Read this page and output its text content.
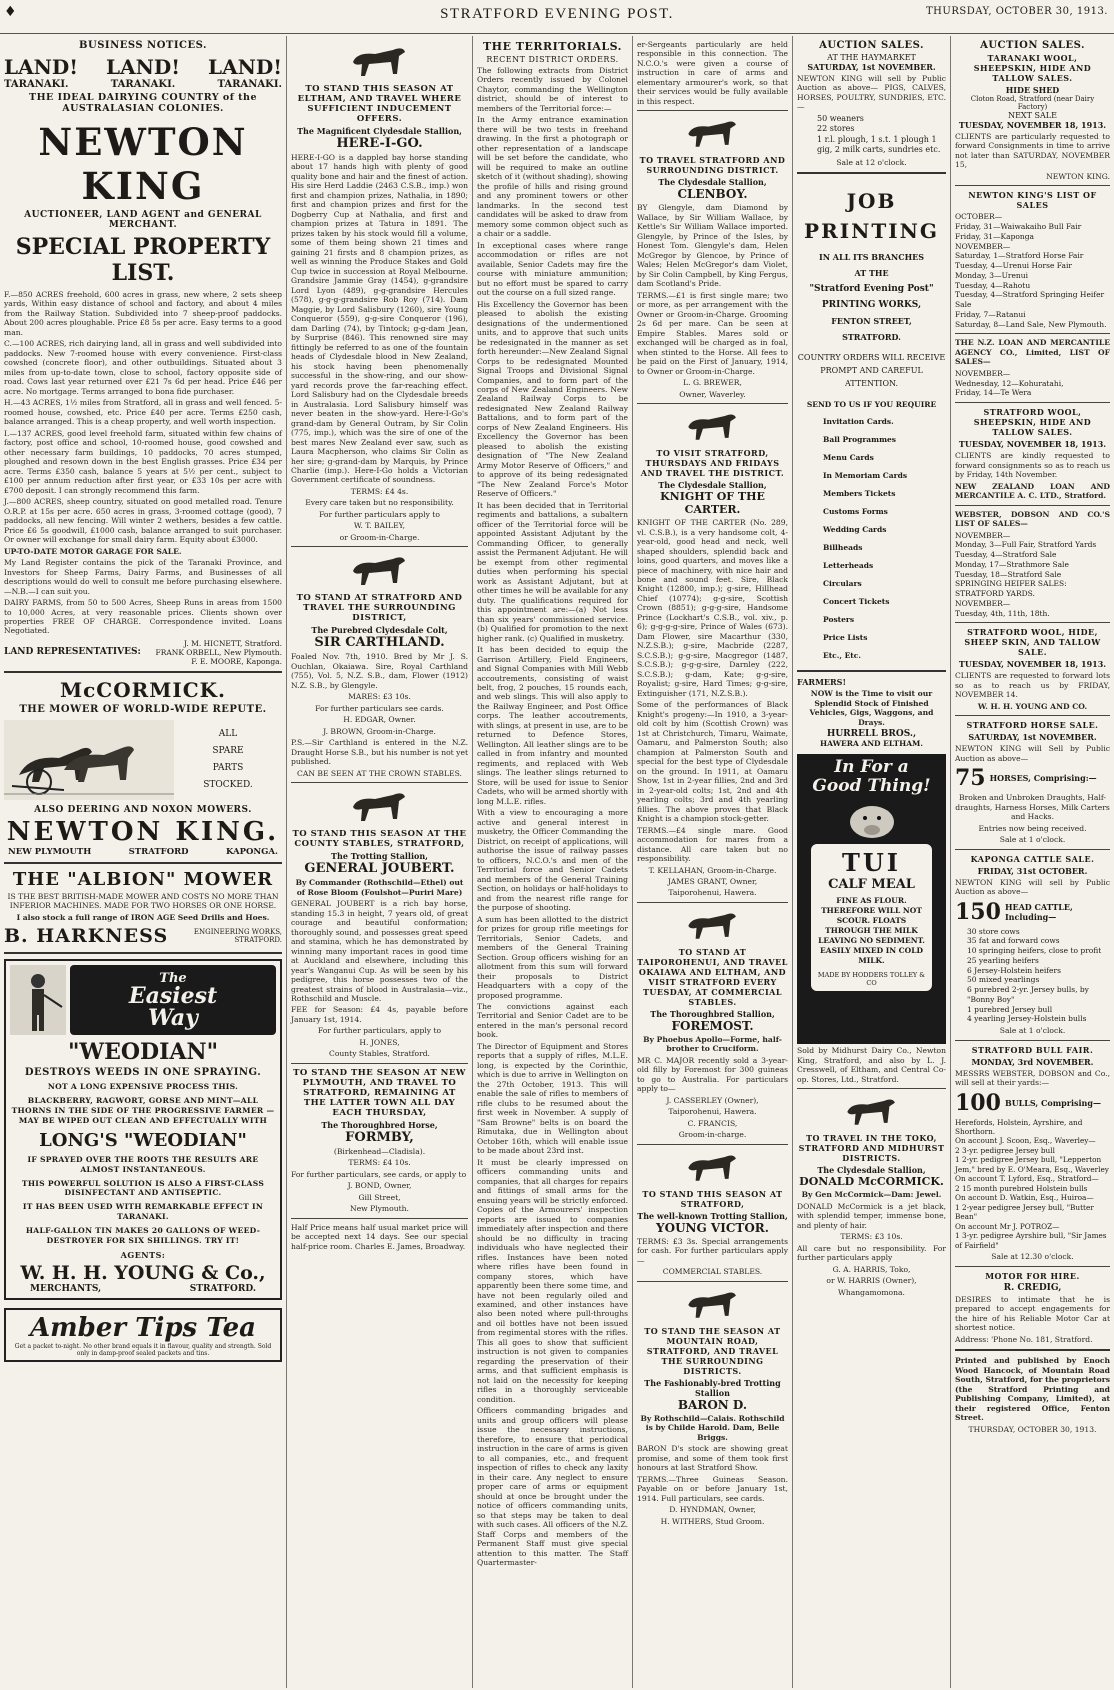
♦	STRATFORD EVENING POST.	THURSDAY, OCTOBER 30, 1913.
BUSINESS NOTICES.
LAND! LAND! LAND!
TARANAKI.	TARANAKI.	TARANAKI.
THE IDEAL DAIRYING COUNTRY of the AUSTRALASIAN COLONIES.
NEWTON KING
AUCTIONEER, LAND AGENT and GENERAL MERCHANT.
SPECIAL PROPERTY LIST.

F.—850 ACRES freehold, 600 acres in grass, new where, 2 sets sheep yards, Within easy distance of school and factory, and about 4 miles from the Railway Station. Subdivided into 7 sheep-proof paddocks. About 200 acres ploughable. Price £8 5s per acre. Easy terms to a good man.

C.—100 ACRES, rich dairying land, all in grass and well subdivided into paddocks. New 7-roomed house with every convenience. First-class cowshed (concrete floor), and other outbuildings. Situated about 3 miles from up-to-date town, close to school, factory opposite side of road. Cows last year returned over £21 7s 6d per head. Price £46 per acre. No mortgage. Terms arranged to bona fide purchaser.

H.—43 ACRES, 1½ miles from Stratford, all in grass and well fenced. 5-roomed house, cowshed, etc. Price £40 per acre. Terms £250 cash, balance arranged. This is a cheap property, and well worth inspection.

I.—137 ACRES, good level freehold farm, situated within few chains of factory, post office and school, 10-roomed house, good cowshed and other necessary farm buildings, 10 paddocks, 70 acres stumped, ploughed and resown down in the best English grasses. Price £34 per acre. Terms £350 cash, balance 5 years at 5½ per cent., subject to £100 per annum reduction after first year, or £33 10s per acre with £700 deposit. I can strongly recommend this farm.

J.—800 ACRES, sheep country, situated on good metalled road. Tenure O.R.P. at 15s per acre. 650 acres in grass, 3-roomed cottage (good), 7 paddocks, all new fencing. Will winter 2 wethers, besides a few cattle. Price £6 5s goodwill, £1000 cash, balance arranged to suit purchaser. Or owner will exchange for small dairy farm. Equity about £3000.

UP-TO-DATE MOTOR GARAGE FOR SALE.

My Land Register contains the pick of the Taranaki Province, and Investors for Sheep Farms, Dairy Farms, and Businesses of all descriptions would do well to consult me before purchasing elsewhere.—N.B.—I can suit you.

DAIRY FARMS, from 50 to 500 Acres, Sheep Runs in areas from 1500 to 10,000 Acres, at very reasonable prices. Clients shown over properties FREE OF CHARGE. Correspondence invited. Loans Negotiated.

LAND REPRESENTATIVES:
J. M. HICNETT, Stratford.
FRANK ORBELL, New Plymouth.
F. E. MOORE, Kaponga.
McCORMICK.
THE MOWER OF WORLD-WIDE REPUTE.
ALL
SPARE
PARTS
STOCKED.
ALSO DEERING AND NOXON MOWERS.
NEWTON KING.
NEW PLYMOUTH	STRATFORD	KAPONGA.
THE "ALBION" MOWER

IS THE BEST BRITISH-MADE MOWER AND COSTS NO MORE THAN INFERIOR MACHINES. MADE FOR TWO HORSES OR ONE HORSE.

I also stock a full range of IRON AGE Seed Drills and Hoes.

B. HARKNESS	ENGINEERING WORKS, STRATFORD.
The
Easiest
Way
"WEODIAN"
DESTROYS WEEDS IN ONE SPRAYING.
NOT A LONG EXPENSIVE PROCESS THIS.
BLACKBERRY, RAGWORT, GORSE AND MINT—ALL THORNS IN THE SIDE OF THE PROGRESSIVE FARMER —MAY BE WIPED OUT CLEAN AND EFFECTUALLY WITH
LONG'S "WEODIAN"
IF SPRAYED OVER THE ROOTS THE RESULTS ARE ALMOST INSTANTANEOUS.
THIS POWERFUL SOLUTION IS ALSO A FIRST-CLASS DISINFECTANT AND ANTISEPTIC.
IT HAS BEEN USED WITH REMARKABLE EFFECT IN TARANAKI.
HALF-GALLON TIN MAKES 20 GALLONS OF WEED-DESTROYER FOR SIX SHILLINGS. TRY IT!
AGENTS:
W. H. H. YOUNG & Co.,
MERCHANTS,	STRATFORD.
Amber Tips Tea
Get a packet to-night. No other brand equals it in flavour, quality and strength. Sold only in damp-proof sealed packets and tins.
TO STAND THIS SEASON AT ELTHAM, AND TRAVEL WHERE SUFFICIENT INDUCEMENT OFFERS.
The Magnificent Clydesdale Stallion,
HERE-I-GO.

HERE-I-GO is a dappled bay horse standing about 17 hands high with plenty of good quality bone and hair and the finest of action. His sire Herd Laddie (2463 C.S.B., imp.) won first and champion prizes, Nathalia, in 1890; first and champion prizes and first for the Dogberry Cup at Nathalia, and first and champion prizes at Tatura in 1891. The prizes taken by his stock would fill a volume, some of them being shown 21 times and gaining 21 firsts and 8 champion prizes, as well as winning the Produce Stakes and Gold Cup twice in succession at Royal Melbourne. Grandsire Jammie Gray (1454), g-grandsire Lord Lyon (489), g-g-grandsire Hercules (578), g-g-g-grandsire Rob Roy (714). Dam Maggie, by Lord Salisbury (1260), sire Young Conqueror (559), g-g-sire Conqueror (196), dam Darling (74), by Tintock; g-g-dam Jean, by Surprise (846). This renowned sire may fittingly be referred to as one of the fountain heads of Clydesdale blood in New Zealand, his stock having been phenomenally successful in the show-ring, and our show-yard records prove the far-reaching effect. Lord Salisbury had on the Clydesdale breeds in Australasia. Lord Salisbury himself was never beaten in the show-yard. Here-I-Go's grand-dam by General Outram, by Sir Colin (775, imp.), which was the sire of one of the best mares New Zealand ever saw, such as Laura Macpherson, who claims Sir Colin as her sire; g-grand-dam by Marquis, by Prince Charlie (imp.). Here-I-Go holds a Victorian Government certificate of soundness.

TERMS: £4 4s.

Every care taken but no responsibility.

For further particulars apply to

W. T. BAILEY,

or Groom-in-Charge.

TO STAND AT STRATFORD AND TRAVEL THE SURROUNDING DISTRICT,
The Purebred Clydesdale Colt,
SIR CARTHLAND.

Foaled Nov. 7th, 1910. Bred by Mr J. S. Ouchlan, Okaiawa. Sire, Royal Carthland (755), Vol. 5, N.Z. S.B., dam, Flower (1912) N.Z. S.B., by Glengyle.

MARES: £3 10s.

For further particulars see cards.

H. EDGAR, Owner.

J. BROWN, Groom-in-Charge.

P.S.—Sir Carthland is entered in the N.Z. Draught Horse S.B., but his number is not yet published.

CAN BE SEEN AT THE CROWN STABLES.

TO STAND THIS SEASON AT THE COUNTY STABLES, STRATFORD,
The Trotting Stallion,
GENERAL JOUBERT.

By Commander (Rothschild—Ethel) out of Rose Bloom (Foulshot—Puriri Mare)

GENERAL JOUBERT is a rich bay horse, standing 15.3 in height, 7 years old, of great courage and beautiful conformation; thoroughly sound, and possesses great speed and stamina, which he has demonstrated by winning many important races in good time at Auckland and elsewhere, including this year's Wanganui Cup. As will be seen by his pedigree, this horse possesses two of the greatest strains of blood in Australasia—viz., Rothschild and Muscle.

FEE for Season: £4 4s, payable before January 1st, 1914.

For further particulars, apply to

H. JONES,

County Stables, Stratford.

TO STAND THE SEASON AT NEW PLYMOUTH, AND TRAVEL TO STRATFORD, REMAINING AT THE LATTER TOWN ALL DAY EACH THURSDAY,
The Thoroughbred Horse,
FORMBY,

(Birkenhead—Cladisla).

TERMS: £4 10s.

For further particulars, see cards, or apply to

J. BOND, Owner,

Gill Street,

New Plymouth.

Half Price means half usual market price will be accepted next 14 days. See our special half-price room. Charles E. James, Broadway.

THE TERRITORIALS.
RECENT DISTRICT ORDERS.

The following extracts from District Orders recently issued by Colonel Chaytor, commanding the Wellington district, should be of interest to members of the Territorial force:—

In the Army entrance examination there will be two tests in freehand drawing. In the first a photograph or other representation of a landscape will be set before the candidate, who will be required to make an outline sketch of it (without shading), showing the profile of hills and rising ground and any prominent towers or other landmarks. In the second test candidates will be asked to draw from memory some common object such as a chair or a saddle.

In exceptional cases where range accommodation or rifles are not available, Senior Cadets may fire the course with miniature ammunition; but no effort must be spared to carry out the course on a full sized range.

His Excellency the Governor has been pleased to abolish the existing designations of the undermentioned units, and to approve that such units be redesignated in the manner as set forth hereunder:—New Zealand Signal Corps to be redesignated Mounted Signal Troops and Divisional Signal Companies, and to form part of the corps of New Zealand Engineers. New Zealand Railway Corps to be redesignated New Zealand Railway Battalions, and to form part of the corps of New Zealand Engineers. His Excellency the Governor has been pleased to abolish the existing designation of "The New Zealand Army Motor Reserve of Officers," and to approve of its being redesignated "The New Zealand Force's Motor Reserve of Officers."

It has been decided that in Territorial regiments and battalions, a subaltern officer of the Territorial force will be appointed Assistant Adjutant by the Commanding Officer, to generally assist the Permanent Adjutant. He will be exempt from other regimental duties when performing his special work as Assistant Adjutant, but at other times he will be available for any duty. The qualifications required for this appointment are:—(a) Not less than six years' commissioned service. (b) Qualified for promotion to the next higher rank. (c) Qualified in musketry.

It has been decided to equip the Garrison Artillery, Field Engineers, and Signal Companies with Mill Webb accoutrements, consisting of waist belt, frog, 2 pouches, 15 rounds each, and web slings. This will also apply to the Railway Engineer, and Post Office corps. The leather accoutrements, with slings, at present in use, are to be returned to Defence Stores, Wellington. All leather slings are to be called in from infantry and mounted regiments, and replaced with Web slings. The leather slings returned to Store, will be used for issue to Senior Cadets, who will be armed shortly with long M.L.E. rifles.

With a view to encouraging a more active and general interest in musketry, the Officer Commanding the District, on receipt of applications, will authorise the issue of railway passes to officers, N.C.O.'s and men of the Territorial force and Senior Cadets and members of the General Training Section, on holidays or half-holidays to and from the nearest rifle range for the purpose of shooting.

A sum has been allotted to the district for prizes for group rifle meetings for Territorials, Senior Cadets, and members of the General Training Section. Group officers wishing for an allotment from this sum will forward their proposals to District Headquarters with a copy of the proposed programme.

The convictions against each Territorial and Senior Cadet are to be entered in the man's personal record book.

The Director of Equipment and Stores reports that a supply of rifles, M.L.E. long, is expected by the Corinthic, which is due to arrive in Wellington on the 27th October, 1913. This will enable the sale of rifles to members of rifle clubs to be resumed about the first week in November. A supply of "Sam Browne" belts is on board the Rimutaka, due in Wellington about October 16th, which will enable issue to be made about 23rd inst.

It must be clearly impressed on officers commanding units and companies, that all charges for repairs and fittings of small arms for the ensuing years will be strictly enforced. Copies of the Armourers' inspection reports are issued to companies immediately after inspection and there should be no difficulty in tracing individuals who have neglected their rifles. Instances have been noted where rifles have been found in company stores, which have apparently been there some time, and have not been regularly oiled and examined, and other instances have also been noted where pull-throughs and oil bottles have not been issued from regimental stores with the rifles. This all goes to show that sufficient instruction is not given to companies regarding the preservation of their arms, and that sufficient emphasis is not laid on the necessity for keeping rifles in a thoroughly serviceable condition.

Officers commanding brigades and units and group officers will please issue the necessary instructions, therefore, to ensure that periodical instruction in the care of arms is given to all companies, etc., and frequent inspection of rifles to check any laxity in their care. Any neglect to ensure proper care of arms or equipment should at once be brought under the notice of officers commanding units, so that steps may be taken to deal with such cases. All officers of the N.Z. Staff Corps and members of the Permanent Staff must give special attention to this matter. The Staff Quartermaster-

er-Sergeants particularly are held responsible in this connection. The N.C.O.'s were given a course of instruction in care of arms and elementary armourer's work, so that their services would be fully available in this respect.

TO TRAVEL STRATFORD AND SURROUNDING DISTRICT.
The Clydesdale Stallion,
CLENBOY.

BY Glengyle, dam Diamond by Wallace, by Sir William Wallace, by Kettle's Sir William Wallace imported. Glengyle, by Prince of the Isles, by Honest Tom. Glengyle's dam, Helen McGregor by Glencoe, by Prince of Wales; Helen McGregor's dam Violet, by Sir Colin Campbell, by King Fergus, dam Scotland's Pride.

TERMS.—£1 is first single mare; two or more, as per arrangement with the Owner or Groom-in-Charge. Grooming 2s 6d per mare. Can be seen at Empire Stables. Mares sold or exchanged will be charged as in foal, when stinted to the Horse. All fees to be paid on the First of January, 1914, to Owner or Groom-in-Charge.

L. G. BREWER,

Owner, Waverley.

TO VISIT STRATFORD, THURSDAYS AND FRIDAYS AND TRAVEL THE DISTRICT.
The Clydesdale Stallion,
KNIGHT OF THE CARTER.

KNIGHT OF THE CARTER (No. 289, vl. C.S.B.), is a very handsome colt, 4-year-old, good head and neck, well shaped shoulders, splendid back and loins, good quarters, and moves like a piece of machinery, with nice hair and bone and sound feet. Sire, Black Knight (12800, imp.); g-sire, Hillhead Chief (10774); g-g-sire, Scottish Crown (8851); g-g-g-sire, Handsome Prince (Lockhart's C.S.B., vol. xiv., p. 6); g-g-g-g-sire, Prince of Wales (673). Dam Flower, sire Macarthur (330, N.Z.S.B.); g-sire, Macbride (2287, S.C.S.B.); g-g-sire, Macgregor (1487, S.C.S.B.); g-g-g-sire, Darnley (222, S.C.S.B.); g-dam, Kate; g-g-sire, Royalist; g-sire, Hard Times; g-g-sire, Extinguisher (171, N.Z.S.B.).

Some of the performances of Black Knight's progeny:—In 1910, a 3-year-old colt by him (Scottish Crown) was 1st at Christchurch, Timaru, Waimate, Oamaru, and Palmerston South; also champion at Palmerston South and special for the best type of Clydesdale on the ground. In 1911, at Oamaru Show, 1st in 2-year fillies, 2nd and 3rd in 2-year-old colts; 1st, 2nd and 4th yearling colts; 3rd and 4th yearling fillies. The above proves that Black Knight is a champion stock-getter.

TERMS.—£4 single mare. Good accommodation for mares from a distance. All care taken but no responsibility.

T. KELLAHAN, Groom-in-Charge.

JAMES GRANT, Owner,

Taiporohenui, Hawera.

TO STAND AT TAIPOROHENUI, AND TRAVEL OKAIAWA AND ELTHAM, AND VISIT STRATFORD EVERY TUESDAY, AT COMMERCIAL STABLES.
The Thoroughbred Stallion,
FOREMOST.

By Phoebus Apollo—Forme, half-brother to Cruciform.

MR C. MAJOR recently sold a 3-year-old filly by Foremost for 300 guineas to go to Australia. For particulars apply to—

J. CASSERLEY (Owner),

Taiporohenui, Hawera.

C. FRANCIS,

Groom-in-charge.

TO STAND THIS SEASON AT STRATFORD,
The well-known Trotting Stallion,
YOUNG VICTOR.

TERMS: £3 3s. Special arrangements for cash. For further particulars apply—

COMMERCIAL STABLES.

TO STAND THE SEASON AT MOUNTAIN ROAD, STRATFORD, AND TRAVEL THE SURROUNDING DISTRICTS.
The Fashionably-bred Trotting Stallion
BARON D.

By Rothschild—Calais. Rothschild is by Childe Harold. Dam, Belle Briggs.

BARON D's stock are showing great promise, and some of them took first honours at last Stratford Show.

TERMS.—Three Guineas Season. Payable on or before January 1st, 1914. Full particulars, see cards.

D. HYNDMAN, Owner,

H. WITHERS, Stud Groom.

AUCTION SALES.
AT THE HAYMARKET
SATURDAY, 1st NOVEMBER.

NEWTON KING will sell by Public Auction as above— PIGS, CALVES, HORSES, POULTRY, SUNDRIES, ETC.—

50 weaners
22 stores
1 r.l. plough, 1 s.t. 1 plough 1 gig, 2 milk carts, sundries etc.

Sale at 12 o'clock.

JOB PRINTING
IN ALL ITS BRANCHES
AT THE
"Stratford Evening Post"
PRINTING WORKS,
FENTON STREET,
STRATFORD.
COUNTRY ORDERS WILL RECEIVE PROMPT AND CAREFUL ATTENTION.
SEND TO US IF YOU REQUIRE
Invitation Cards.
Ball Programmes
Menu Cards
In Memoriam Cards
Members Tickets
Customs Forms
Wedding Cards
Billheads
Letterheads
Circulars
Concert Tickets
Posters
Price Lists
Etc., Etc.
FARMERS!

NOW is the Time to visit our Splendid Stock of Finished Vehicles, Gigs, Waggons, and Drays.

HURRELL BROS.,
HAWERA AND ELTHAM.
In For a
Good Thing!
TUI
CALF MEAL
FINE AS FLOUR. THEREFORE WILL NOT SCOUR. FLOATS THROUGH THE MILK LEAVING NO SEDIMENT. EASILY MIXED IN COLD MILK.
MADE BY HODDERS TOLLEY & CO

Sold by Midhurst Dairy Co., Newton King, Stratford, and also by L. J. Cresswell, of Eltham, and Central Co-op. Stores, Ltd., Stratford.

TO TRAVEL IN THE TOKO, STRATFORD AND MIDHURST DISTRICTS.
The Clydesdale Stallion,
DONALD McCORMICK.

By Gen McCormick—Dam: Jewel.

DONALD McCormick is a jet black, with splendid temper, immense bone, and plenty of hair.

TERMS: £3 10s.

All care but no responsibility. For further particulars apply

G. A. HARRIS, Toko,

or W. HARRIS (Owner),

Whangamomona.

AUCTION SALES.
TARANAKI WOOL, SHEEPSKIN, HIDE AND TALLOW SALES.
HIDE SHED
Cloton Road, Stratford (near Dairy Factory)
NEXT SALE
TUESDAY, NOVEMBER 18, 1913.

CLIENTS are particularly requested to forward Consignments in time to arrive not later than SATURDAY, NOVEMBER 15,

NEWTON KING.

NEWTON KING'S LIST OF SALES
OCTOBER—
Friday, 31—Waiwakaiho Bull Fair
Friday, 31—Kaponga
NOVEMBER—
Saturday, 1—Stratford Horse Fair
Tuesday, 4—Urenui Horse Fair
Monday, 3—Urenui
Tuesday, 4—Rahotu
Tuesday, 4—Stratford Springing Heifer Sale
Friday, 7—Ratanui
Saturday, 8—Land Sale, New Plymouth.

THE N.Z. LOAN AND MERCANTILE AGENCY CO., Limited, LIST OF SALES—

NOVEMBER—
Wednesday, 12—Kohuratahi,
Friday, 14—Te Wera
STRATFORD WOOL, SHEEPSKIN, HIDE AND TALLOW SALES.
TUESDAY, NOVEMBER 18, 1913.

CLIENTS are kindly requested to forward consignments so as to reach us by Friday, 14th November.

NEW ZEALAND LOAN AND MERCANTILE A. C. LTD., Stratford.

WEBSTER, DOBSON AND CO.'S LIST OF SALES—

NOVEMBER—
Monday, 3—Full Fair, Stratford Yards
Tuesday, 4—Stratford Sale
Monday, 17—Strathmore Sale
Tuesday, 18—Stratford Sale
SPRINGING HEIFER SALES: STRATFORD YARDS.
NOVEMBER—
Tuesday, 4th, 11th, 18th.
STRATFORD WOOL, HIDE, SHEEP SKIN, AND TALLOW SALE.
TUESDAY, NOVEMBER 18, 1913.

CLIENTS are requested to forward lots so as to reach us by FRIDAY, NOVEMBER 14.

W. H. H. YOUNG AND CO.

STRATFORD HORSE SALE.
SATURDAY, 1st NOVEMBER.

NEWTON KING will Sell by Public Auction as above—

75 HORSES, Comprising:—

Broken and Unbroken Draughts, Half-draughts, Harness Horses, Milk Carters and Hacks.

Entries now being received.

Sale at 1 o'clock.

KAPONGA CATTLE SALE.
FRIDAY, 31st OCTOBER.

NEWTON KING will sell by Public Auction as above—

150 HEAD CATTLE, Including—
30 store cows
35 fat and forward cows
10 springing heifers, close to profit
25 yearling heifers
6 Jersey-Holstein heifers
50 mixed yearlings
6 purebred 2-yr. Jersey bulls, by "Bonny Boy"
1 purebred Jersey bull
4 yearling Jersey-Holstein bulls

Sale at 1 o'clock.

STRATFORD BULL FAIR.
MONDAY, 3rd NOVEMBER.

MESSRS WEBSTER, DOBSON and Co., will sell at their yards:—

100 BULLS, Comprising—
Herefords, Holstein, Ayrshire, and Shorthorn.
On account J. Scoon, Esq., Waverley—
2 3-yr. pedigree Jersey bull
1 2-yr. pedigree Jersey bull, "Lepperton Jem," bred by E. O'Meara, Esq., Waverley
On account T. Lyford, Esq., Stratford—
2 15 month purebred Holstein bulls
On account D. Watkin, Esq., Huiroa—
1 2-year pedigree Jersey bull, "Butter Bean"
On account Mr J. POTROZ—
1 3-yr. pedigree Ayrshire bull, "Sir James of Fairfield"

Sale at 12.30 o'clock.

MOTOR FOR HIRE.
R. CREDIG,

DESIRES to intimate that he is prepared to accept engagements for the hire of his Reliable Motor Car at shortest notice.

Address: 'Phone No. 181, Stratford.

Printed and published by Enoch Wood Hancock, of Mountain Road South, Stratford, for the proprietors (the Stratford Printing and Publishing Company, Limited), at their registered Office, Fenton Street.

THURSDAY, OCTOBER 30, 1913.
